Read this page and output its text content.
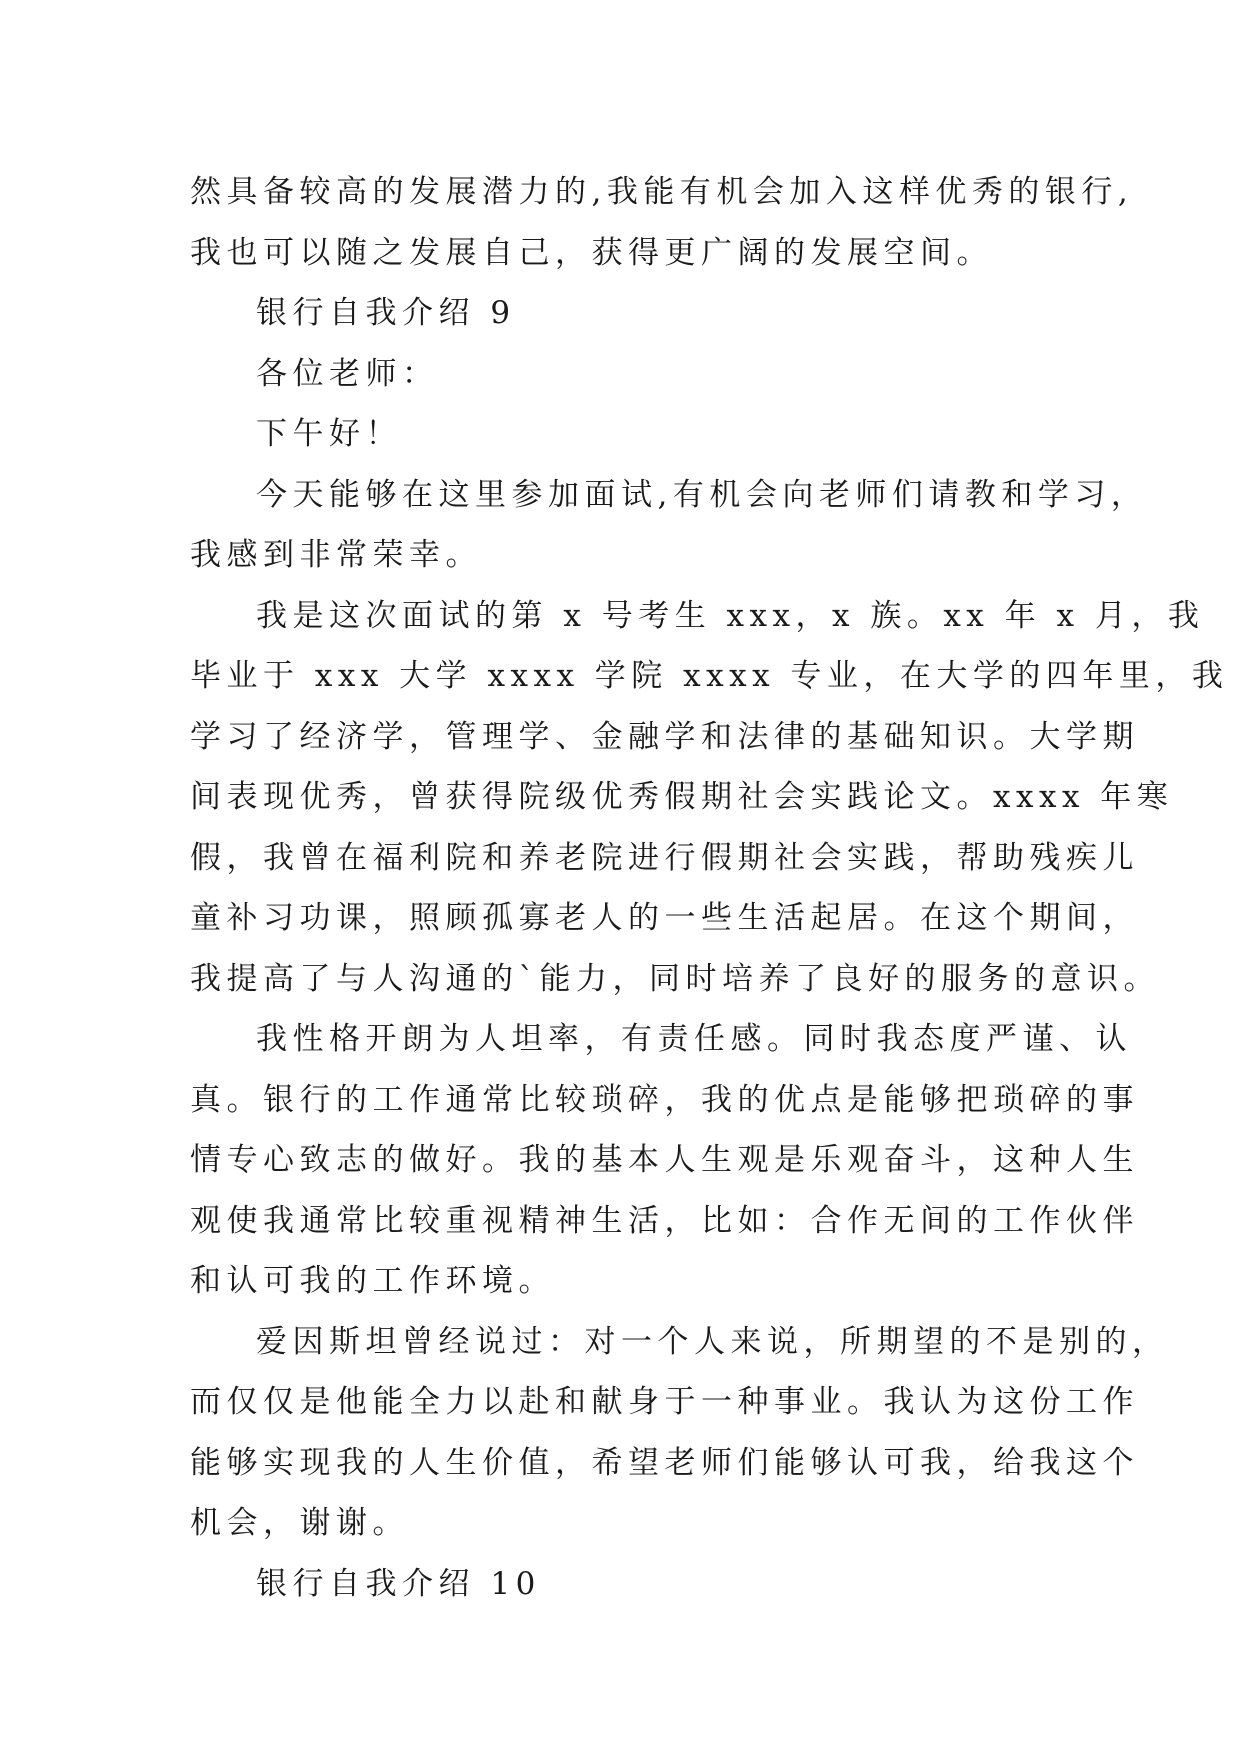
然具备较高的发展潜力的,我能有机会加入这样优秀的银行,
我也可以随之发展自己，获得更广阔的发展空间。
银行自我介绍 9
各位老师：
下午好！
今天能够在这里参加面试,有机会向老师们请教和学习，
我感到非常荣幸。
我是这次面试的第 x 号考生 xxx，x 族。xx 年 x 月，我
毕业于 xxx 大学 xxxx 学院 xxxx 专业，在大学的四年里，我
学习了经济学，管理学、金融学和法律的基础知识。大学期
间表现优秀，曾获得院级优秀假期社会实践论文。xxxx 年寒
假，我曾在福利院和养老院进行假期社会实践，帮助残疾儿
童补习功课，照顾孤寡老人的一些生活起居。在这个期间，
我提高了与人沟通的`能力，同时培养了良好的服务的意识。
我性格开朗为人坦率，有责任感。同时我态度严谨、认
真。银行的工作通常比较琐碎，我的优点是能够把琐碎的事
情专心致志的做好。我的基本人生观是乐观奋斗，这种人生
观使我通常比较重视精神生活，比如：合作无间的工作伙伴
和认可我的工作环境。
爱因斯坦曾经说过：对一个人来说，所期望的不是别的，
而仅仅是他能全力以赴和献身于一种事业。我认为这份工作
能够实现我的人生价值，希望老师们能够认可我，给我这个
机会，谢谢。
银行自我介绍 10
